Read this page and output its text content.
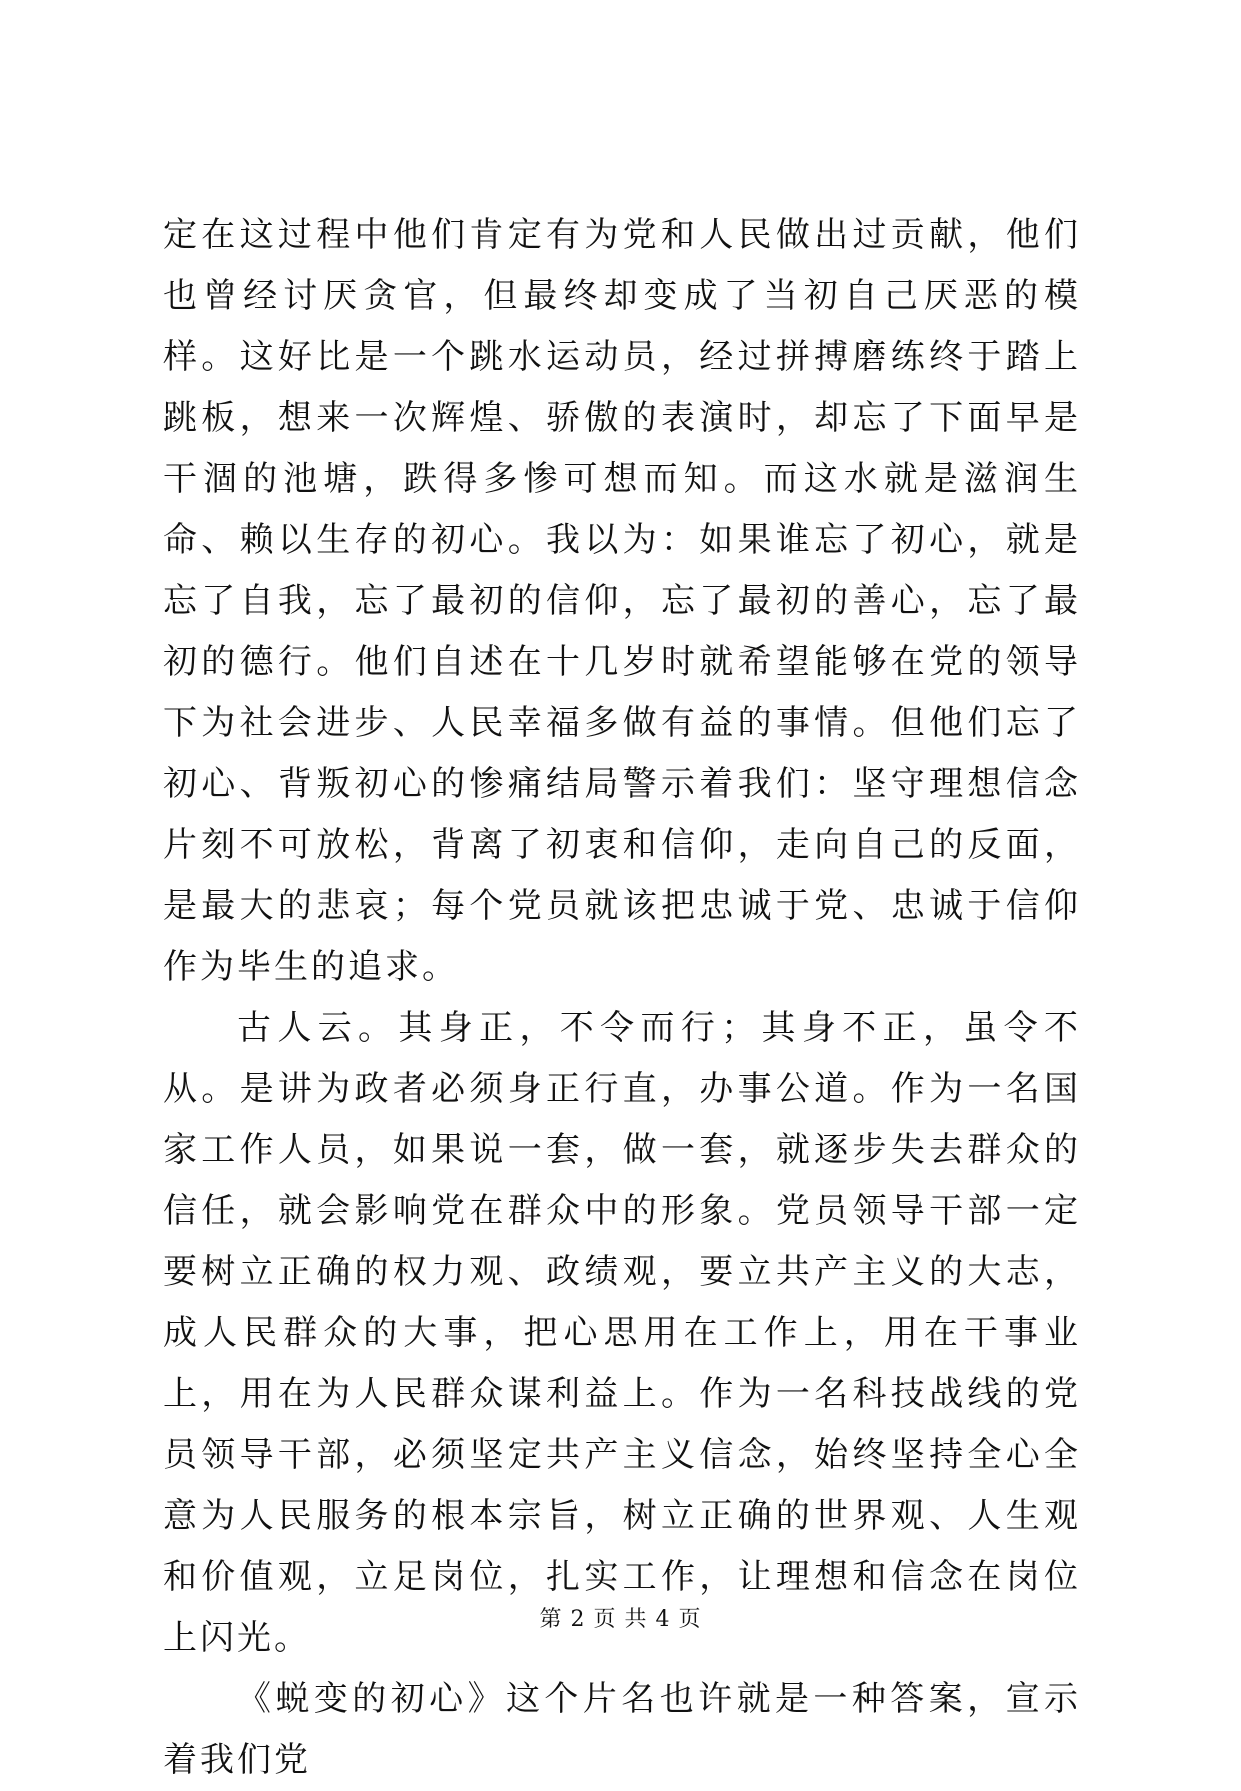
定在这过程中他们肯定有为党和人民做出过贡献，他们也曾经讨厌贪官，但最终却变成了当初自己厌恶的模样。这好比是一个跳水运动员，经过拼搏磨练终于踏上跳板，想来一次辉煌、骄傲的表演时，却忘了下面早是干涸的池塘，跌得多惨可想而知。而这水就是滋润生命、赖以生存的初心。我以为：如果谁忘了初心，就是忘了自我，忘了最初的信仰，忘了最初的善心，忘了最初的德行。他们自述在十几岁时就希望能够在党的领导下为社会进步、人民幸福多做有益的事情。但他们忘了初心、背叛初心的惨痛结局警示着我们：坚守理想信念片刻不可放松，背离了初衷和信仰，走向自己的反面，是最大的悲哀；每个党员就该把忠诚于党、忠诚于信仰作为毕生的追求。

古人云。其身正，不令而行；其身不正，虽令不从。是讲为政者必须身正行直，办事公道。作为一名国家工作人员，如果说一套，做一套，就逐步失去群众的信任，就会影响党在群众中的形象。党员领导干部一定要树立正确的权力观、政绩观，要立共产主义的大志，成人民群众的大事，把心思用在工作上，用在干事业上，用在为人民群众谋利益上。作为一名科技战线的党员领导干部，必须坚定共产主义信念，始终坚持全心全意为人民服务的根本宗旨，树立正确的世界观、人生观和价值观，立足岗位，扎实工作，让理想和信念在岗位上闪光。

《蜕变的初心》这个片名也许就是一种答案，宣示着我们党

第 2 页 共 4 页
